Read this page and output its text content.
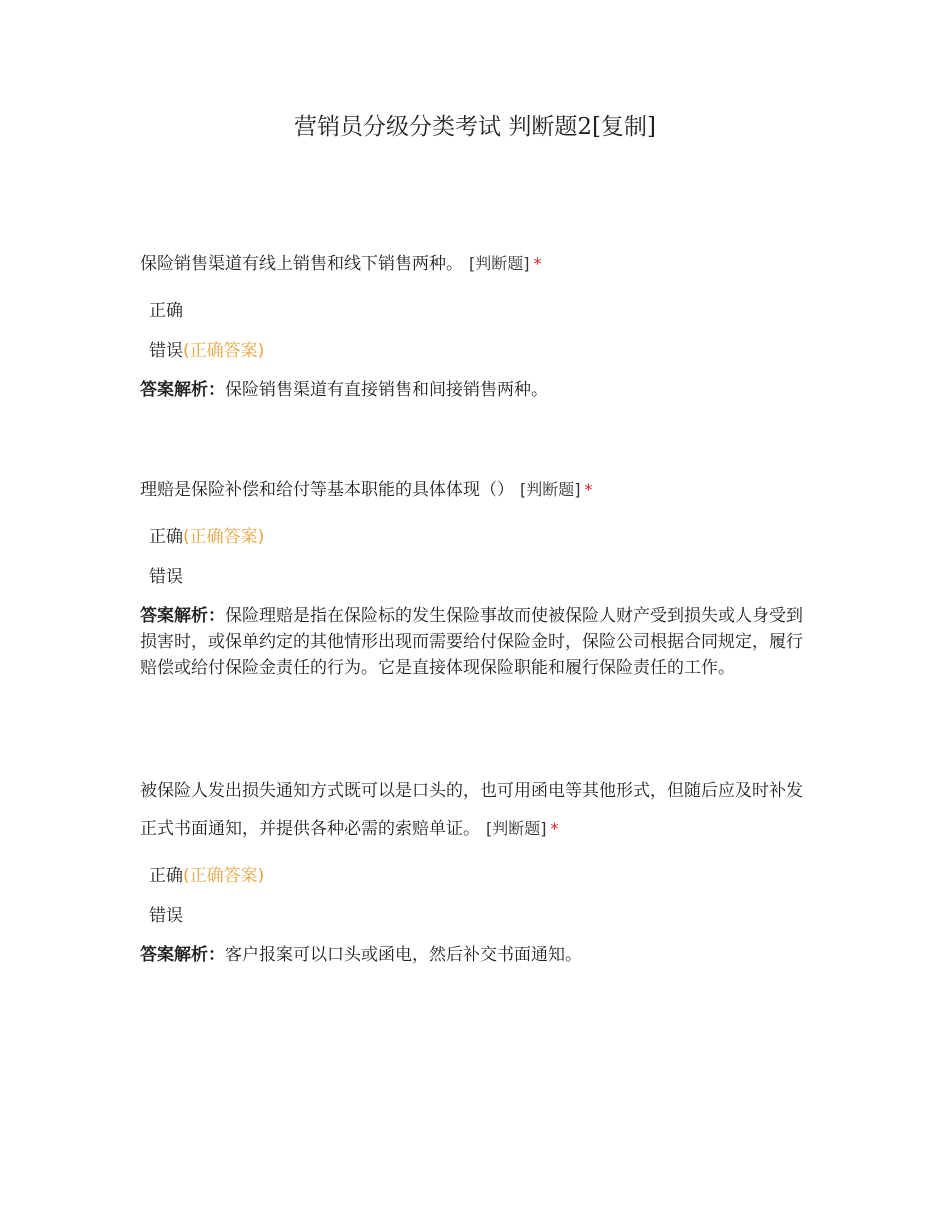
营销员分级分类考试 判断题2[复制]
保险销售渠道有线上销售和线下销售两种。 [判断题] *
正确
错误(正确答案)
答案解析：保险销售渠道有直接销售和间接销售两种。
理赔是保险补偿和给付等基本职能的具体体现（） [判断题] *
正确(正确答案)
错误
答案解析：保险理赔是指在保险标的发生保险事故而使被保险人财产受到损失或人身受到损害时，或保单约定的其他情形出现而需要给付保险金时，保险公司根据合同规定，履行赔偿或给付保险金责任的行为。它是直接体现保险职能和履行保险责任的工作。
被保险人发出损失通知方式既可以是口头的，也可用函电等其他形式，但随后应及时补发正式书面通知，并提供各种必需的索赔单证。 [判断题] *
正确(正确答案)
错误
答案解析：客户报案可以口头或函电，然后补交书面通知。
